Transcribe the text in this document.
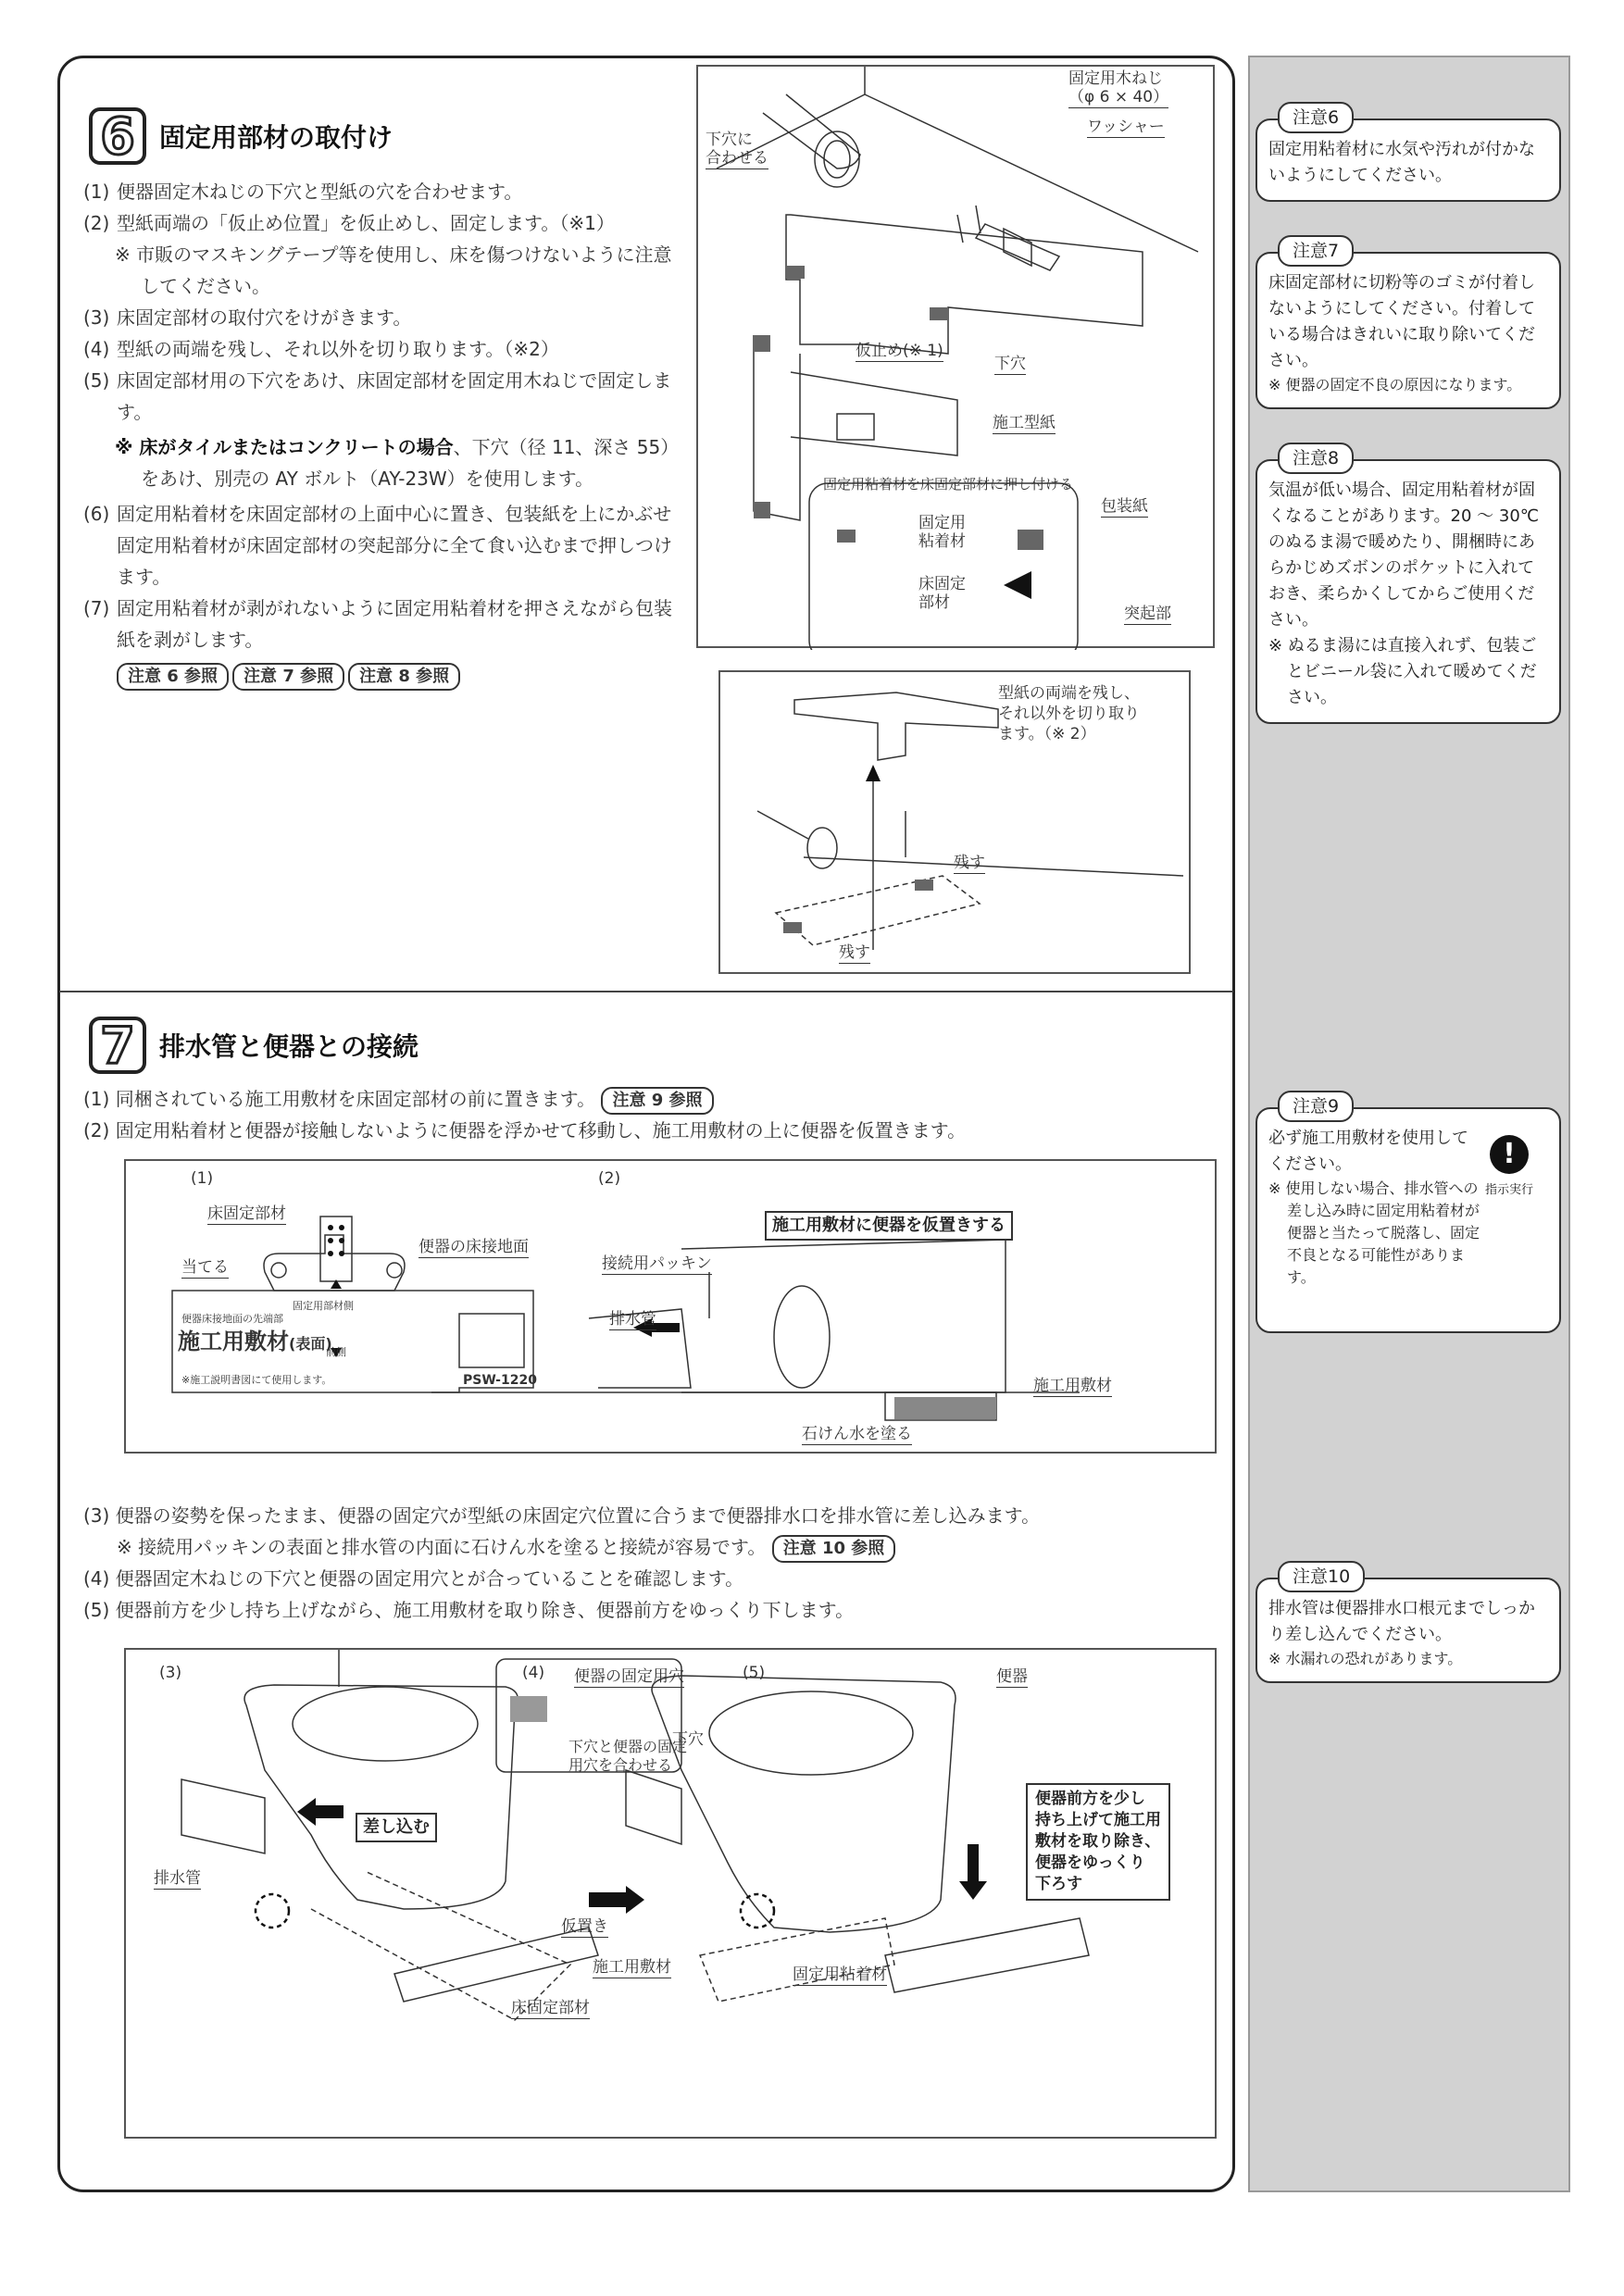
6 固定用部材の取付け
(1) 便器固定木ねじの下穴と型紙の穴を合わせます。
(2) 型紙両端の「仮止め位置」を仮止めし、固定します。（※1）
※ 市販のマスキングテープ等を使用し、床を傷つけないように注意してください。
(3) 床固定部材の取付穴をけがきます。
(4) 型紙の両端を残し、それ以外を切り取ります。（※2）
(5) 床固定部材用の下穴をあけ、床固定部材を固定用木ねじで固定します。
※ 床がタイルまたはコンクリートの場合、下穴（径 11、深さ 55）をあけ、別売の AY ボルト（AY-23W）を使用します。
(6) 固定用粘着材を床固定部材の上面中心に置き、包装紙を上にかぶせ固定用粘着材が床固定部材の突起部分に全て食い込むまで押しつけます。
(7) 固定用粘着材が剥がれないように固定用粘着材を押さえながら包装紙を剥がします。
注意 6 参照 注意 7 参照 注意 8 参照
固定用木ねじ
（φ 6 × 40）
ワッシャー
下穴に
合わせる
仮止め(※ 1)
下穴
施工型紙
固定用粘着材を床固定部材に押し付ける
固定用
粘着材
床固定
部材
包装紙
突起部
型紙の両端を残し、
それ以外を切り取り
ます。（※ 2）
残す
残す
7 排水管と便器との接続
(1) 同梱されている施工用敷材を床固定部材の前に置きます。 注意 9 参照
(2) 固定用粘着材と便器が接触しないように便器を浮かせて移動し、施工用敷材の上に便器を仮置きます。
(1)	(2)
床固定部材
当てる
便器の床接地面
便器床接地面の先端部
固定用部材側
施工用敷材(表面)
前側
※施工説明書図にて使用します。	PSW-1220
施工用敷材に便器を仮置きする
接続用パッキン
排水管
施工用敷材
石けん水を塗る
(3) 便器の姿勢を保ったまま、便器の固定穴が型紙の床固定穴位置に合うまで便器排水口を排水管に差し込みます。
※ 接続用パッキンの表面と排水管の内面に石けん水を塗ると接続が容易です。 注意 10 参照
(4) 便器固定木ねじの下穴と便器の固定用穴とが合っていることを確認します。
(5) 便器前方を少し持ち上げながら、施工用敷材を取り除き、便器前方をゆっくり下します。
(3)	(4)	(5)
差し込む
排水管
仮置き
施工用敷材
床固定部材
便器の固定用穴
下穴
下穴と便器の固定
用穴を合わせる
便器
便器前方を少し
持ち上げて施工用
敷材を取り除き、
便器をゆっくり
下ろす
固定用粘着材
注意6
固定用粘着材に水気や汚れが付かないようにしてください。
注意7
床固定部材に切粉等のゴミが付着しないようにしてください。付着している場合はきれいに取り除いてください。
※ 便器の固定不良の原因になります。
注意8
気温が低い場合、固定用粘着材が固くなることがあります。20 ～ 30℃のぬるま湯で暖めたり、開梱時にあらかじめズボンのポケットに入れておき、柔らかくしてからご使用ください。
※ ぬるま湯には直接入れず、包装ごとビニール袋に入れて暖めてください。
注意9
必ず施工用敷材を使用してください。
※ 使用しない場合、排水管への差し込み時に固定用粘着材が便器と当たって脱落し、固定不良となる可能性があります。
!
指示実行
注意10
排水管は便器排水口根元までしっかり差し込んでください。
※ 水漏れの恐れがあります。
